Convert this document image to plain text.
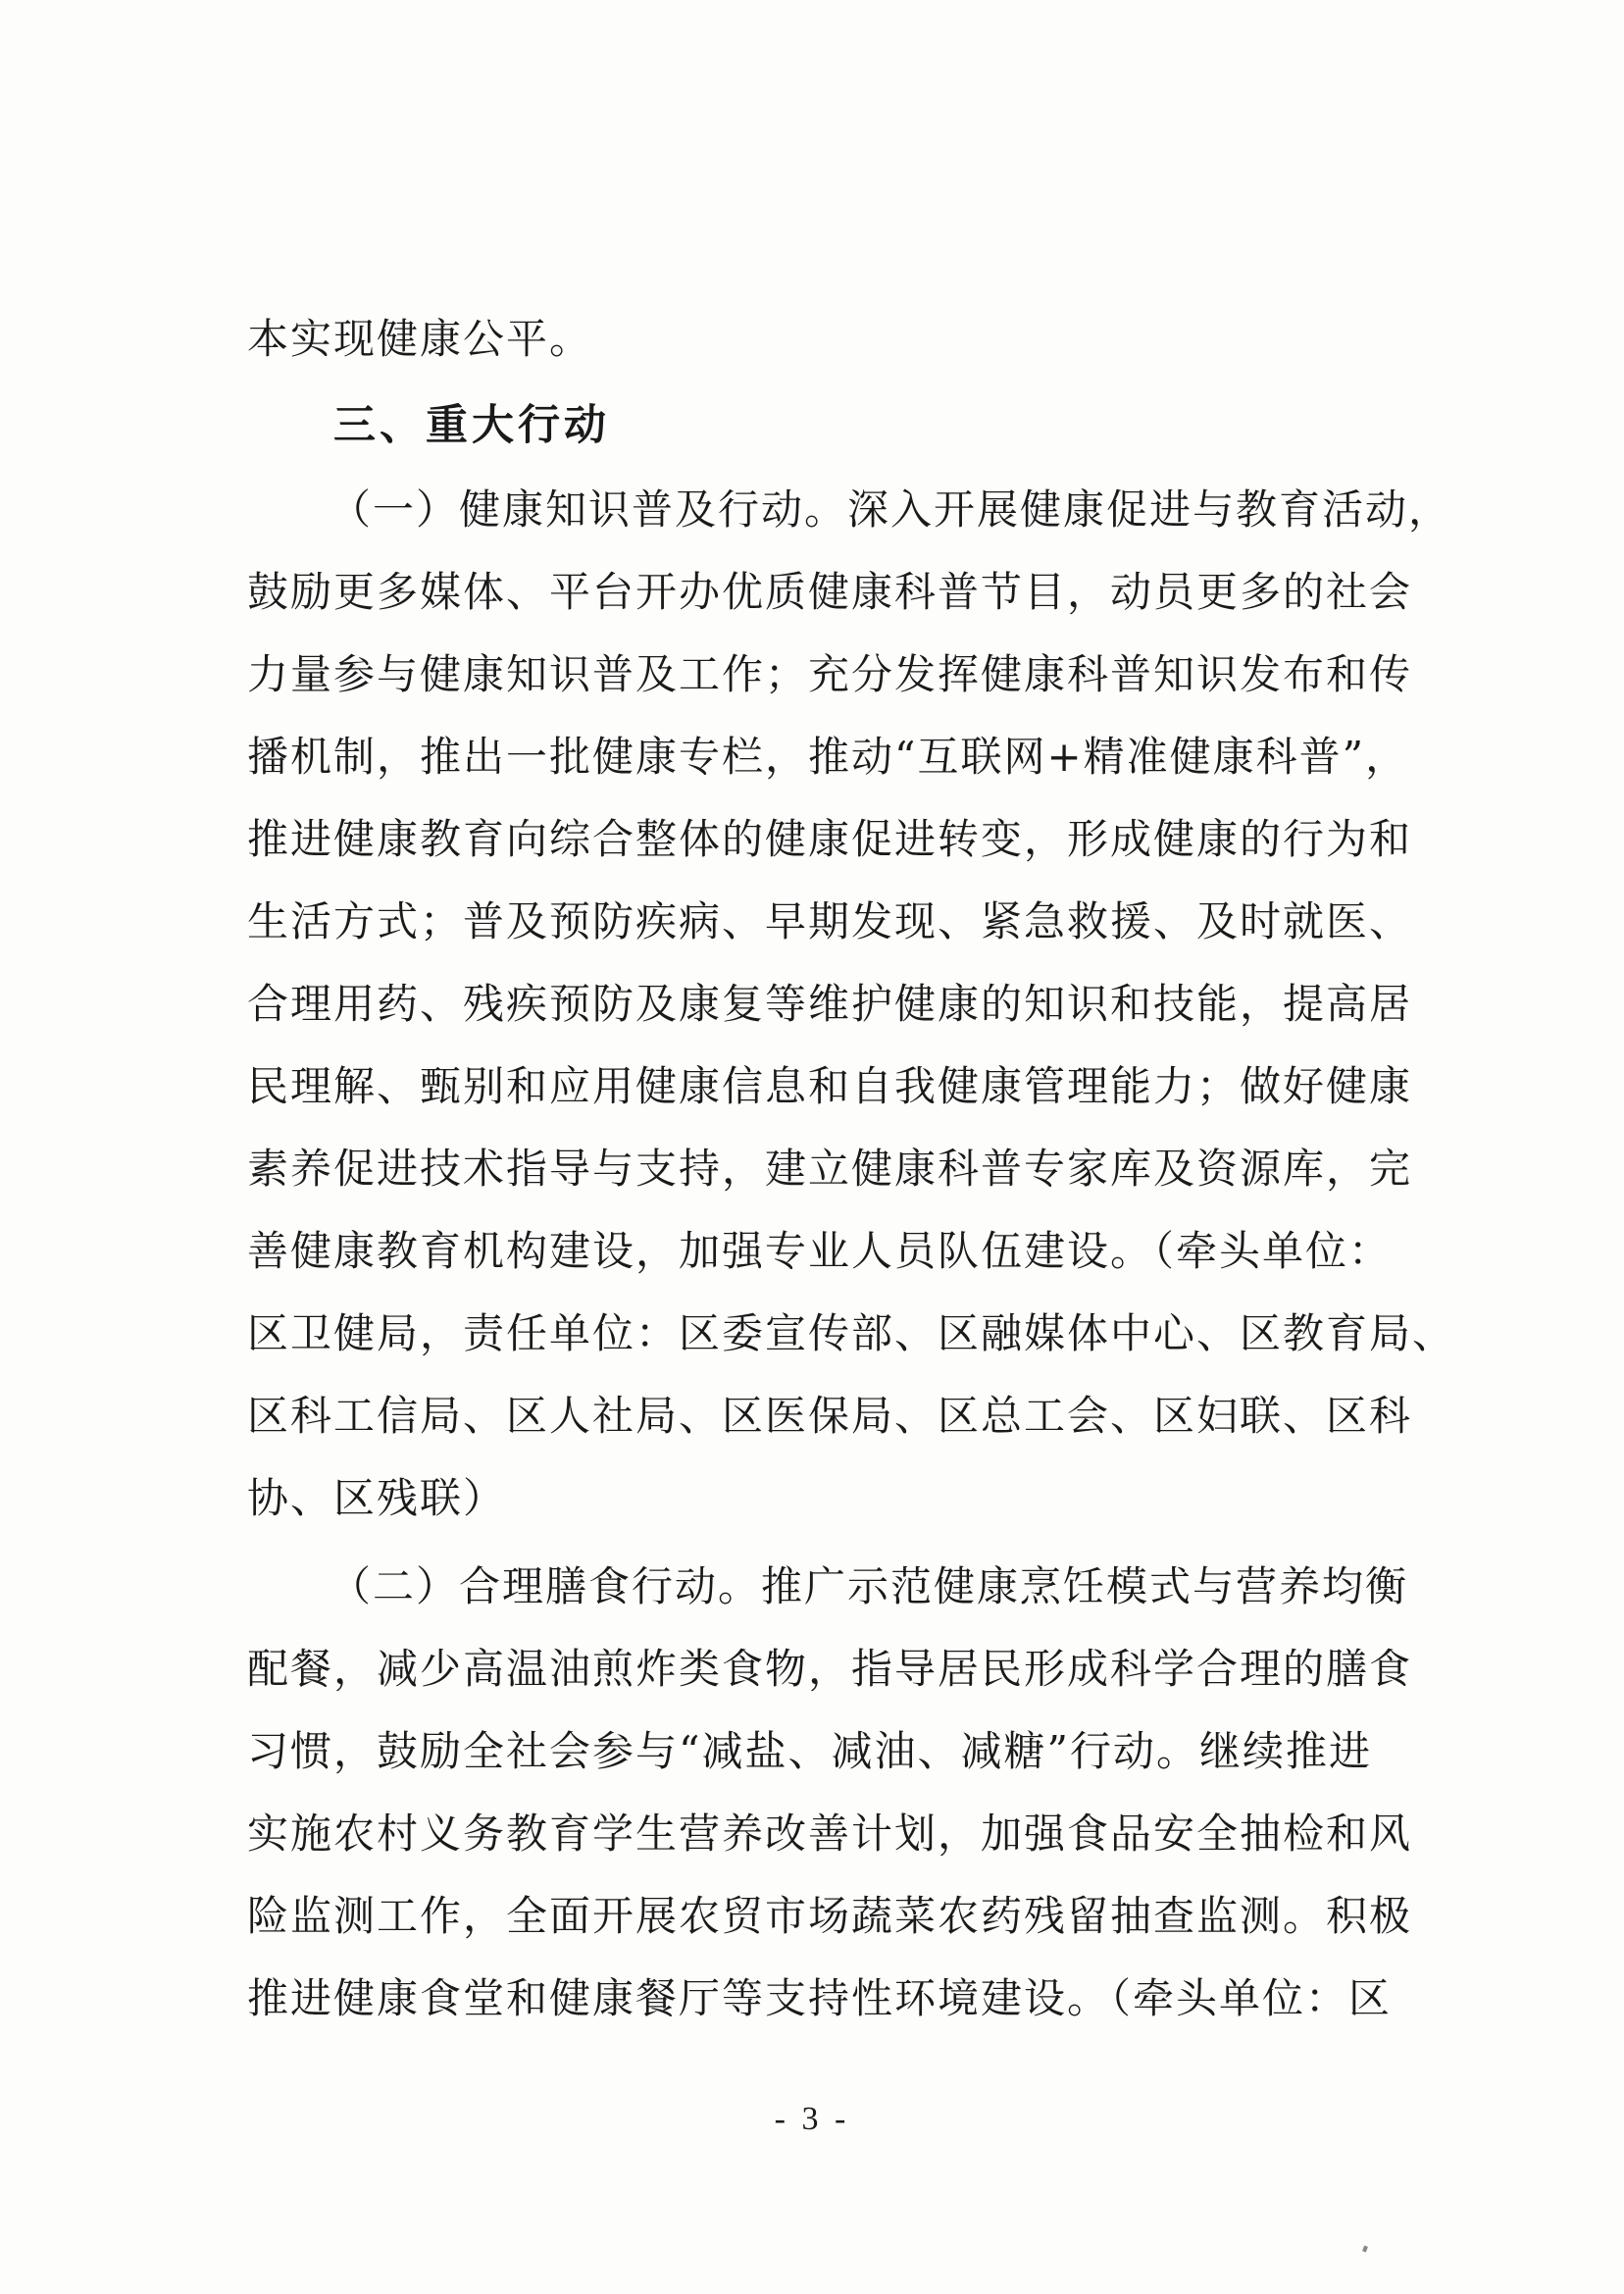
本实现健康公平。
三、重大行动
（一）健康知识普及行动。深入开展健康促进与教育活动，
鼓励更多媒体、平台开办优质健康科普节目，动员更多的社会
力量参与健康知识普及工作；充分发挥健康科普知识发布和传
播机制，推出一批健康专栏，推动“互联网+精准健康科普”，
推进健康教育向综合整体的健康促进转变，形成健康的行为和
生活方式；普及预防疾病、早期发现、紧急救援、及时就医、
合理用药、残疾预防及康复等维护健康的知识和技能，提高居
民理解、甄别和应用健康信息和自我健康管理能力；做好健康
素养促进技术指导与支持，建立健康科普专家库及资源库，完
善健康教育机构建设，加强专业人员队伍建设。（牵头单位：
区卫健局，责任单位：区委宣传部、区融媒体中心、区教育局、
区科工信局、区人社局、区医保局、区总工会、区妇联、区科
协、区残联）
（二）合理膳食行动。推广示范健康烹饪模式与营养均衡
配餐，减少高温油煎炸类食物，指导居民形成科学合理的膳食
习惯，鼓励全社会参与“减盐、减油、减糖”行动。继续推进
实施农村义务教育学生营养改善计划，加强食品安全抽检和风
险监测工作，全面开展农贸市场蔬菜农药残留抽查监测。积极
推进健康食堂和健康餐厅等支持性环境建设。（牵头单位：区
- 3 -
